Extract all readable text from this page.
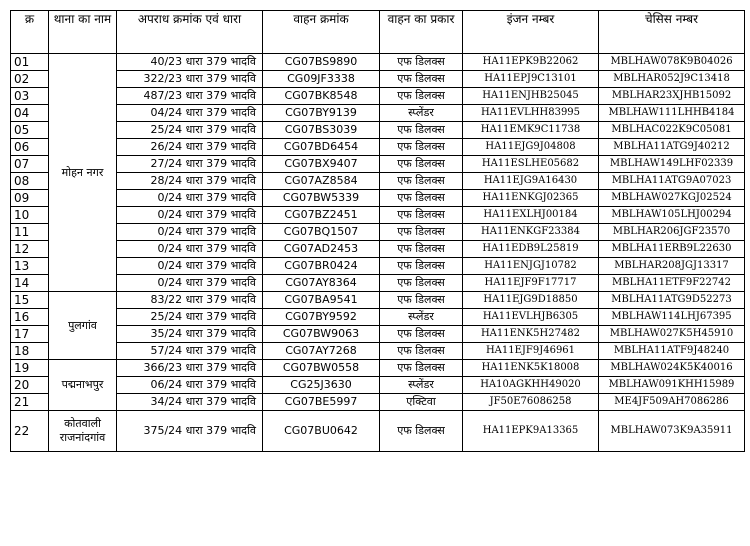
क्र	थाना का नाम	अपराध क्रमांक एवं धारा	वाहन क्रमांक	वाहन का प्रकार	इंजन नम्बर	चेसिस नम्बर
01	मोहन नगर	40/23 धारा 379 भादवि	CG07BS9890	एफ डिलक्स	HA11EPK9B22062	MBLHAW078K9B04026
02		322/23 धारा 379 भादवि	CG09JF3338	एफ डिलक्स	HA11EPJ9C13101	MBLHAR052J9C13418
03		487/23 धारा 379 भादवि	CG07BK8548	एफ डिलक्स	HA11ENJHB25045	MBLHAR23XJHB15092
04		04/24 धारा 379 भादवि	CG07BY9139	स्प्लेंडर	HA11EVLHH83995	MBLHAW111LHHB4184
05		25/24 धारा 379 भादवि	CG07BS3039	एफ डिलक्स	HA11EMK9C11738	MBLHAC022K9C05081
06		26/24 धारा 379 भादवि	CG07BD6454	एफ डिलक्स	HA11EJG9J04808	MBLHA11ATG9J40212
07		27/24 धारा 379 भादवि	CG07BX9407	एफ डिलक्स	HA11ESLHE05682	MBLHAW149LHF02339
08		28/24 धारा 379 भादवि	CG07AZ8584	एफ डिलक्स	HA11EJG9A16430	MBLHA11ATG9A07023
09		0/24 धारा 379 भादवि	CG07BW5339	एफ डिलक्स	HA11ENKGJ02365	MBLHAW027KGJ02524
10		0/24 धारा 379 भादवि	CG07BZ2451	एफ डिलक्स	HA11EXLHJ00184	MBLHAW105LHJ00294
11		0/24 धारा 379 भादवि	CG07BQ1507	एफ डिलक्स	HA11ENKGF23384	MBLHAR206JGF23570
12		0/24 धारा 379 भादवि	CG07AD2453	एफ डिलक्स	HA11EDB9L25819	MBLHA11ERB9L22630
13		0/24 धारा 379 भादवि	CG07BR0424	एफ डिलक्स	HA11ENJGJ10782	MBLHAR208JGJ13317
14		0/24 धारा 379 भादवि	CG07AY8364	एफ डिलक्स	HA11EJF9F17717	MBLHA11ETF9F22742
15	पुलगांव	83/22 धारा 379 भादवि	CG07BA9541	एफ डिलक्स	HA11EJG9D18850	MBLHA11ATG9D52273
16		25/24 धारा 379 भादवि	CG07BY9592	स्प्लेंडर	HA11EVLHJB6305	MBLHAW114LHJ67395
17		35/24 धारा 379 भादवि	CG07BW9063	एफ डिलक्स	HA11ENK5H27482	MBLHAW027K5H45910
18		57/24 धारा 379 भादवि	CG07AY7268	एफ डिलक्स	HA11EJF9J46961	MBLHA11ATF9J48240
19	पद्मनाभपुर	366/23 धारा 379 भादवि	CG07BW0558	एफ डिलक्स	HA11ENK5K18008	MBLHAW024K5K40016
20		06/24 धारा 379 भादवि	CG25J3630	स्प्लेंडर	HA10AGKHH49020	MBLHAW091KHH15989
21		34/24 धारा 379 भादवि	CG07BE5997	एक्टिवा	JF50E76086258	ME4JF509AH7086286
22	कोतवाली राजनांदगांव	375/24 धारा 379 भादवि	CG07BU0642	एफ डिलक्स	HA11EPK9A13365	MBLHAW073K9A35911
